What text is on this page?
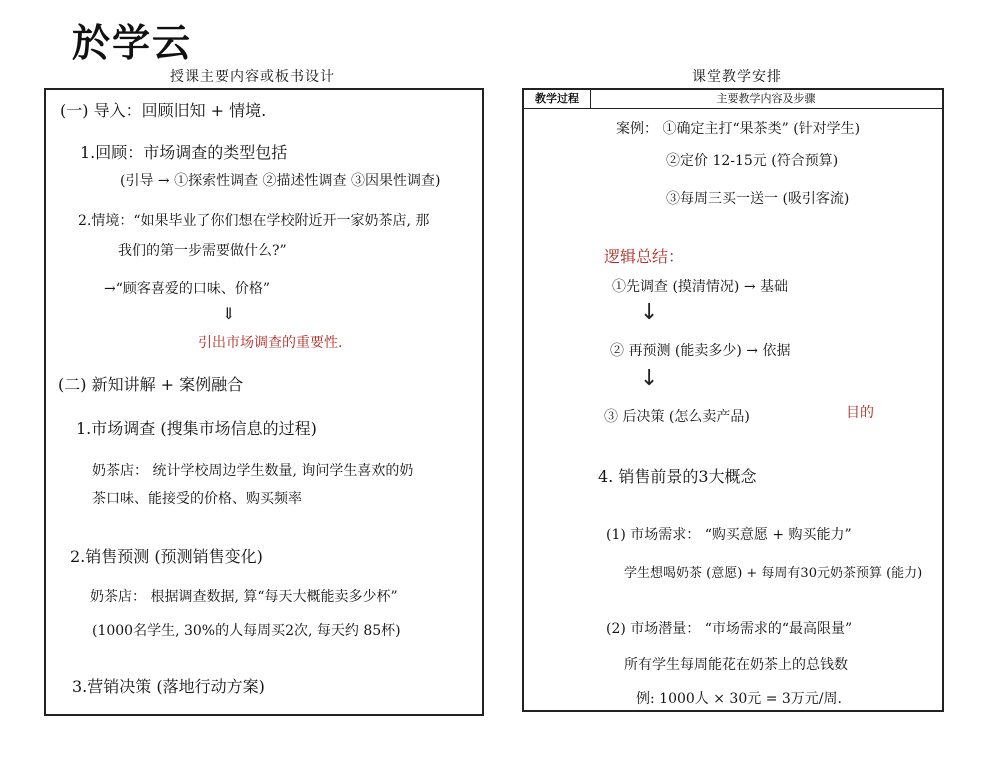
於学云
授课主要内容或板书设计	课堂教学安排
(一) 导入：回顾旧知 + 情境.
1.回顾：市场调查的类型包括
(引导 → ①探索性调查 ②描述性调查 ③因果性调查)
2.情境：“如果毕业了你们想在学校附近开一家奶茶店, 那
我们的第一步需要做什么?”
→“顾客喜爱的口味、价格”
⇓
引出市场调查的重要性.
(二) 新知讲解 + 案例融合
1.市场调查 (搜集市场信息的过程)
奶茶店： 统计学校周边学生数量, 询问学生喜欢的奶
茶口味、能接受的价格、购买频率
2.销售预测 (预测销售变化)
奶茶店： 根据调查数据, 算“每天大概能卖多少杯”
(1000名学生, 30%的人每周买2次, 每天约 85杯)
3.营销决策 (落地行动方案)
教学过程	主要教学内容及步骤
案例： ①确定主打“果茶类” (针对学生)
②定价 12-15元 (符合预算)
③每周三买一送一 (吸引客流)
逻辑总结：
①先调查 (摸清情况) → 基础
↓
② 再预测 (能卖多少) → 依据
↓
③ 后决策 (怎么卖产品)	目的
4. 销售前景的3大概念
(1) 市场需求： “购买意愿 + 购买能力”
学生想喝奶茶 (意愿) + 每周有30元奶茶预算 (能力)
(2) 市场潜量： “市场需求的“最高限量”
所有学生每周能花在奶茶上的总钱数
例: 1000人 × 30元 = 3万元/周.
